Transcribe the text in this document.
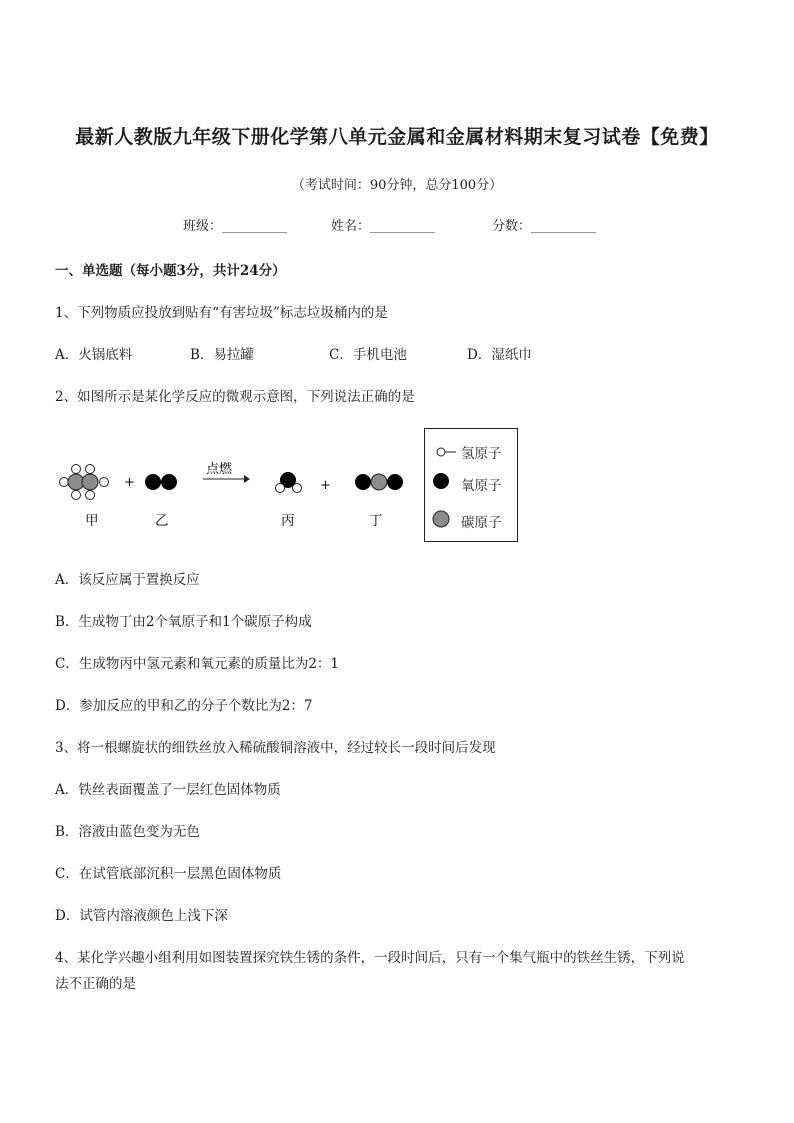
最新人教版九年级下册化学第八单元金属和金属材料期末复习试卷【免费】
（考试时间：90分钟，总分100分）
班级：__________	姓名：__________	分数：__________
一、单选题（每小题3分，共计24分）
1、下列物质应投放到贴有“有害垃圾”标志垃圾桶内的是
A．火锅底料	B．易拉罐	C．手机电池	D．湿纸巾
2、如图所示是某化学反应的微观示意图，下列说法正确的是
+
点燃
+
甲	乙	丙	丁
氢原子
氧原子
碳原子
A．该反应属于置换反应
B．生成物丁由2个氧原子和1个碳原子构成
C．生成物丙中氢元素和氧元素的质量比为2：1
D．参加反应的甲和乙的分子个数比为2：7
3、将一根螺旋状的细铁丝放入稀硫酸铜溶液中，经过较长一段时间后发现
A．铁丝表面覆盖了一层红色固体物质
B．溶液由蓝色变为无色
C．在试管底部沉积一层黑色固体物质
D．试管内溶液颜色上浅下深
4、某化学兴趣小组利用如图装置探究铁生锈的条件，一段时间后，只有一个集气瓶中的铁丝生锈，下列说
法不正确的是
